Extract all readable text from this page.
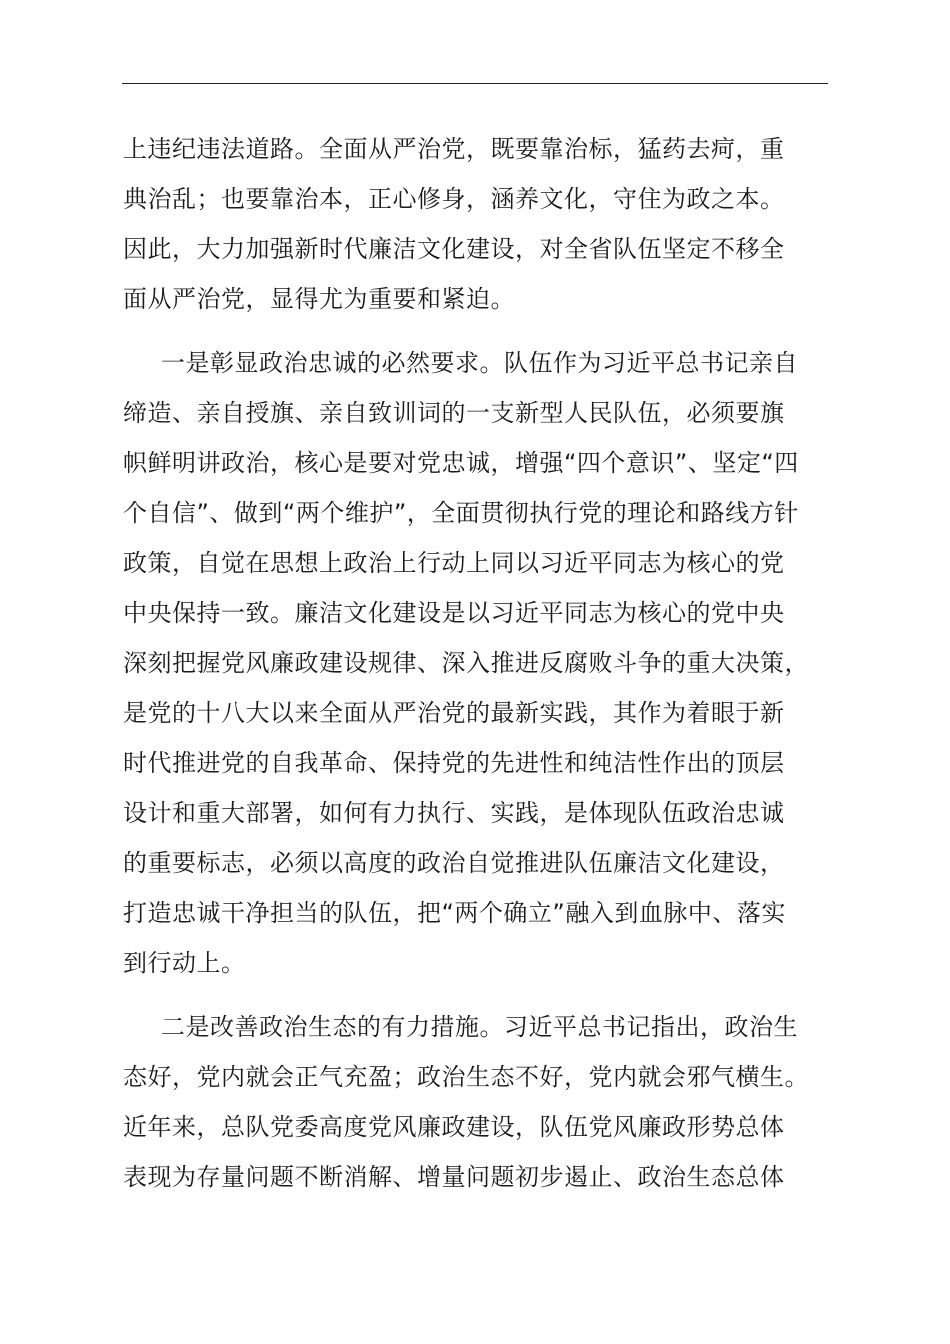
上违纪违法道路。全面从严治党，既要靠治标，猛药去疴，重
典治乱；也要靠治本，正心修身，涵养文化，守住为政之本。
因此，大力加强新时代廉洁文化建设，对全省队伍坚定不移全
面从严治党，显得尤为重要和紧迫。
一是彰显政治忠诚的必然要求。队伍作为习近平总书记亲自
缔造、亲自授旗、亲自致训词的一支新型人民队伍，必须要旗
帜鲜明讲政治，核心是要对党忠诚，增强“四个意识”、坚定“四
个自信”、做到“两个维护”，全面贯彻执行党的理论和路线方针
政策，自觉在思想上政治上行动上同以习近平同志为核心的党
中央保持一致。廉洁文化建设是以习近平同志为核心的党中央
深刻把握党风廉政建设规律、深入推进反腐败斗争的重大决策，
是党的十八大以来全面从严治党的最新实践，其作为着眼于新
时代推进党的自我革命、保持党的先进性和纯洁性作出的顶层
设计和重大部署，如何有力执行、实践，是体现队伍政治忠诚
的重要标志，必须以高度的政治自觉推进队伍廉洁文化建设，
打造忠诚干净担当的队伍，把“两个确立”融入到血脉中、落实
到行动上。
二是改善政治生态的有力措施。习近平总书记指出，政治生
态好，党内就会正气充盈；政治生态不好，党内就会邪气横生。
近年来，总队党委高度党风廉政建设，队伍党风廉政形势总体
表现为存量问题不断消解、增量问题初步遏止、政治生态总体
